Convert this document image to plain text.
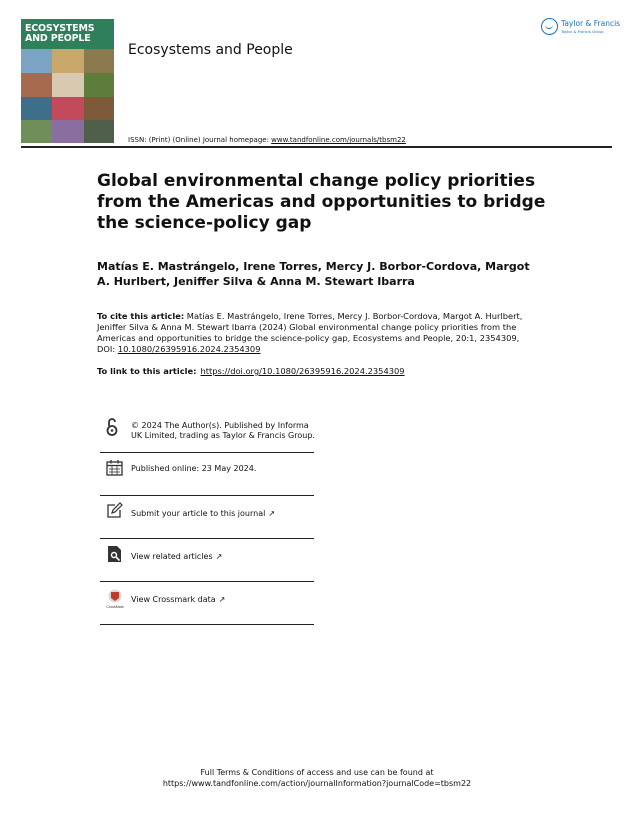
ECOSYSTEMS
AND PEOPLE
Ecosystems and People
Taylor & Francis
Taylor & Francis Group
ISSN: (Print) (Online) Journal homepage: www.tandfonline.com/journals/tbsm22
Global environmental change policy priorities from the Americas and opportunities to bridge the science-policy gap
Matías E. Mastrángelo, Irene Torres, Mercy J. Borbor-Cordova, Margot A. Hurlbert, Jeniffer Silva & Anna M. Stewart Ibarra
To cite this article: Matías E. Mastrángelo, Irene Torres, Mercy J. Borbor-Cordova, Margot A. Hurlbert, Jeniffer Silva & Anna M. Stewart Ibarra (2024) Global environmental change policy priorities from the Americas and opportunities to bridge the science-policy gap, Ecosystems and People, 20:1, 2354309, DOI: 10.1080/26395916.2024.2354309
To link to this article: https://doi.org/10.1080/26395916.2024.2354309
© 2024 The Author(s). Published by Informa UK Limited, trading as Taylor & Francis Group.
Published online: 23 May 2024.
Submit your article to this journal ↗
View related articles ↗
CrossMark
View Crossmark data ↗
Full Terms & Conditions of access and use can be found at
https://www.tandfonline.com/action/journalInformation?journalCode=tbsm22
